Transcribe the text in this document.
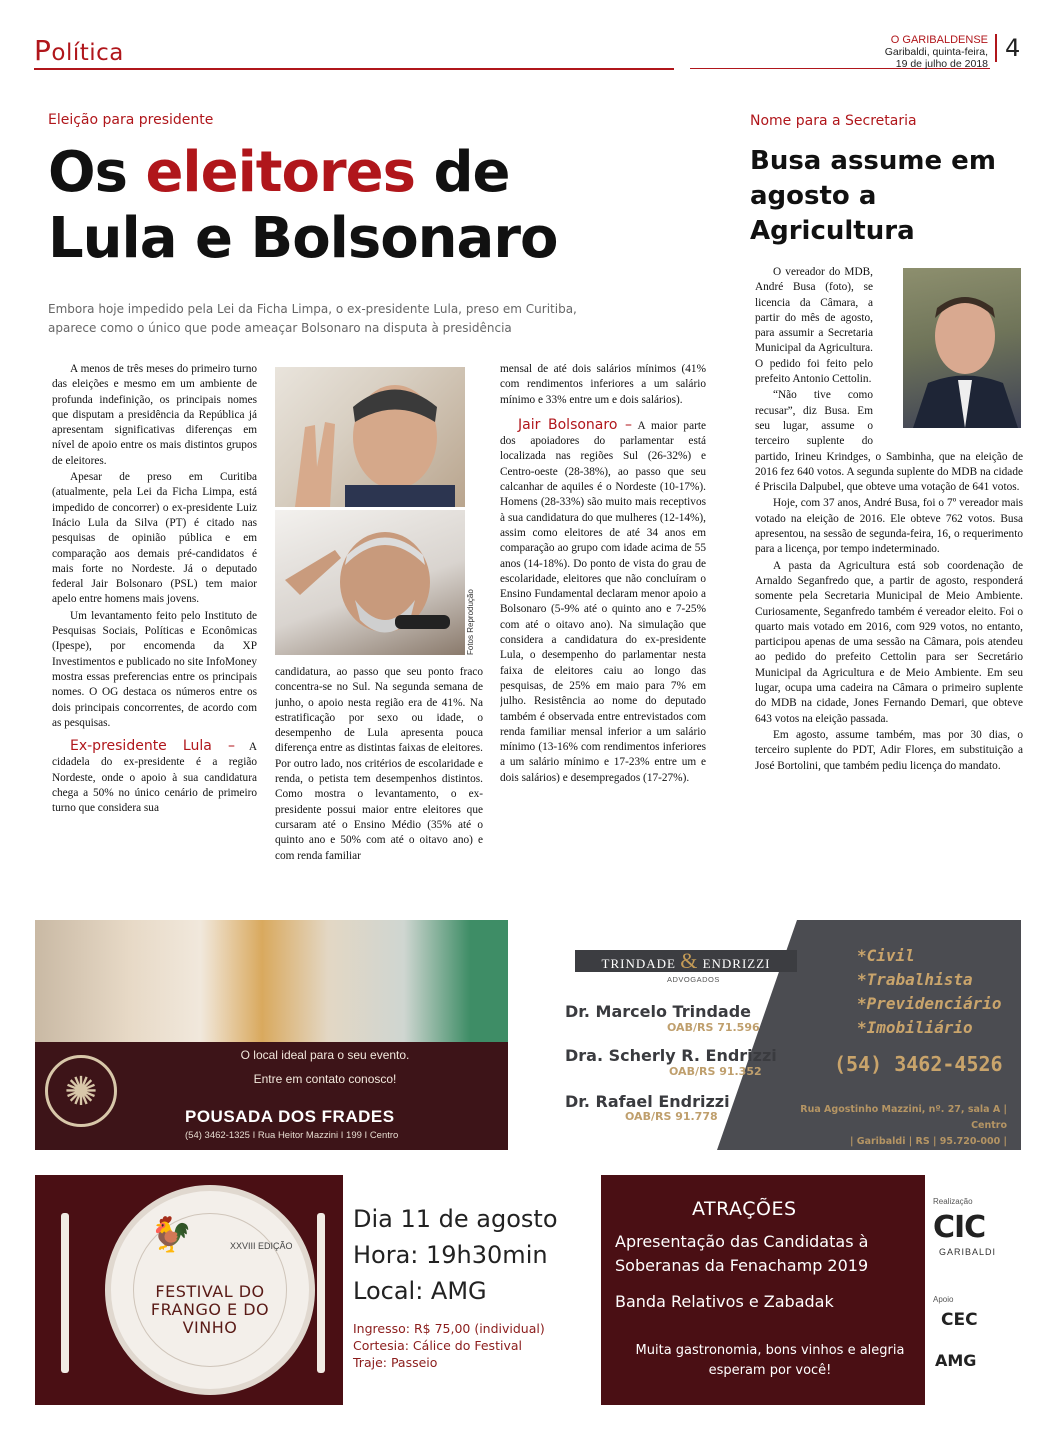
Política	O GARIBALDENSE
Garibaldi, quinta-feira,
19 de julho de 2018
4
Eleição para presidente
Os eleitores de Lula e Bolsonaro
Embora hoje impedido pela Lei da Ficha Limpa, o ex-presidente Lula, preso em Curitiba, aparece como o único que pode ameaçar Bolsonaro na disputa à presidência

A menos de três meses do primeiro turno das eleições e mesmo em um ambiente de profunda indefinição, os principais nomes que disputam a presidência da República já apresentam significativas diferenças em nível de apoio entre os mais distintos grupos de eleitores.

Apesar de preso em Curitiba (atualmente, pela Lei da Ficha Limpa, está impedido de concorrer) o ex-presidente Luiz Inácio Lula da Silva (PT) é citado nas pesquisas de opinião pública e em comparação aos demais pré-candidatos é mais forte no Nordeste. Já o deputado federal Jair Bolsonaro (PSL) tem maior apelo entre homens mais jovens.

Um levantamento feito pelo Instituto de Pesquisas Sociais, Políticas e Econômicas (Ipespe), por encomenda da XP Investimentos e publicado no site InfoMoney mostra essas preferencias entre os principais nomes. O OG destaca os números entre os dois principais concorrentes, de acordo com as pesquisas.

Ex-presidente Lula – A cidadela do ex-presidente é a região Nordeste, onde o apoio à sua candidatura chega a 50% no único cenário de primeiro turno que considera sua

Fotos Reprodução

candidatura, ao passo que seu ponto fraco concentra-se no Sul. Na segunda semana de junho, o apoio nesta região era de 41%. Na estratificação por sexo ou idade, o desempenho de Lula apresenta pouca diferença entre as distintas faixas de eleitores. Por outro lado, nos critérios de escolaridade e renda, o petista tem desempenhos distintos. Como mostra o levantamento, o ex-presidente possui maior entre eleitores que cursaram até o Ensino Médio (35% até o quinto ano e 50% com até o oitavo ano) e com renda familiar

mensal de até dois salários mínimos (41% com rendimentos inferiores a um salário mínimo e 33% entre um e dois salários).

Jair Bolsonaro – A maior parte dos apoiadores do parlamentar está localizada nas regiões Sul (26-32%) e Centro-oeste (28-38%), ao passo que seu calcanhar de aquiles é o Nordeste (10-17%). Homens (28-33%) são muito mais receptivos à sua candidatura do que mulheres (12-14%), assim como eleitores de até 34 anos em comparação ao grupo com idade acima de 55 anos (14-18%). Do ponto de vista do grau de escolaridade, eleitores que não concluíram o Ensino Fundamental declaram menor apoio a Bolsonaro (5-9% até o quinto ano e 7-25% com até o oitavo ano). Na simulação que considera a candidatura do ex-presidente Lula, o desempenho do parlamentar nesta faixa de eleitores caiu ao longo das pesquisas, de 25% em maio para 7% em julho. Resistência ao nome do deputado também é observada entre entrevistados com renda familiar mensal inferior a um salário mínimo (13-16% com rendimentos inferiores a um salário mínimo e 17-23% entre um e dois salários) e desempregados (17-27%).

Nome para a Secretaria
Busa assume em agosto a Agricultura

O vereador do MDB, André Busa (foto), se licencia da Câmara, a partir do mês de agosto, para assumir a Secretaria Municipal da Agricultura. O pedido foi feito pelo prefeito Antonio Cettolin.

“Não tive como recusar”, diz Busa. Em seu lugar, assume o terceiro suplente do partido, Irineu Krindges, o Sambinha, que na eleição de 2016 fez 640 votos. A segunda suplente do MDB na cidade é Priscila Dalpubel, que obteve uma votação de 641 votos.

Hoje, com 37 anos, André Busa, foi o 7º vereador mais votado na eleição de 2016. Ele obteve 762 votos. Busa apresentou, na sessão de segunda-feira, 16, o requerimento para a licença, por tempo indeterminado.

A pasta da Agricultura está sob coordenação de Arnaldo Seganfredo que, a partir de agosto, responderá somente pela Secretaria Municipal de Meio Ambiente. Curiosamente, Seganfredo também é vereador eleito. Foi o quarto mais votado em 2016, com 929 votos, no entanto, participou apenas de uma sessão na Câmara, pois atendeu ao pedido do prefeito Cettolin para ser Secretário Municipal da Agricultura e de Meio Ambiente. Em seu lugar, ocupa uma cadeira na Câmara o primeiro suplente do MDB na cidade, Jones Fernando Demari, que obteve 643 votos na eleição passada.

Em agosto, assume também, mas por 30 dias, o terceiro suplente do PDT, Adir Flores, em substituição a José Bortolini, que também pediu licença do mandato.

✺
O local ideal para o seu evento.
Entre em contato conosco!
POUSADA DOS FRADES
(54) 3462-1325 I Rua Heitor Mazzini I 199 I Centro
TRINDADE & ENDRIZZI
ADVOGADOS
Dr. Marcelo Trindade
OAB/RS 71.596
Dra. Scherly R. Endrizzi
OAB/RS 91.352
Dr. Rafael Endrizzi
OAB/RS 91.778
*Civil
*Trabalhista
*Previdenciário
*Imobiliário
(54) 3462-4526
Rua Agostinho Mazzini, nº. 27, sala A | Centro
| Garibaldi | RS | 95.720-000 |
🐓	XXVIII EDIÇÃO
FESTIVAL DO FRANGO E DO VINHO
Dia 11 de agosto
Hora: 19h30min
Local: AMG
Ingresso: R$ 75,00 (individual)
Cortesia: Cálice do Festival
Traje: Passeio
ATRAÇÕES
Apresentação das Candidatas à Soberanas da Fenachamp 2019
Banda Relativos e Zabadak
Muita gastronomia, bons vinhos e alegria esperam por você!
Realização
CIC
GARIBALDI
Apoio
CEC
AMG
